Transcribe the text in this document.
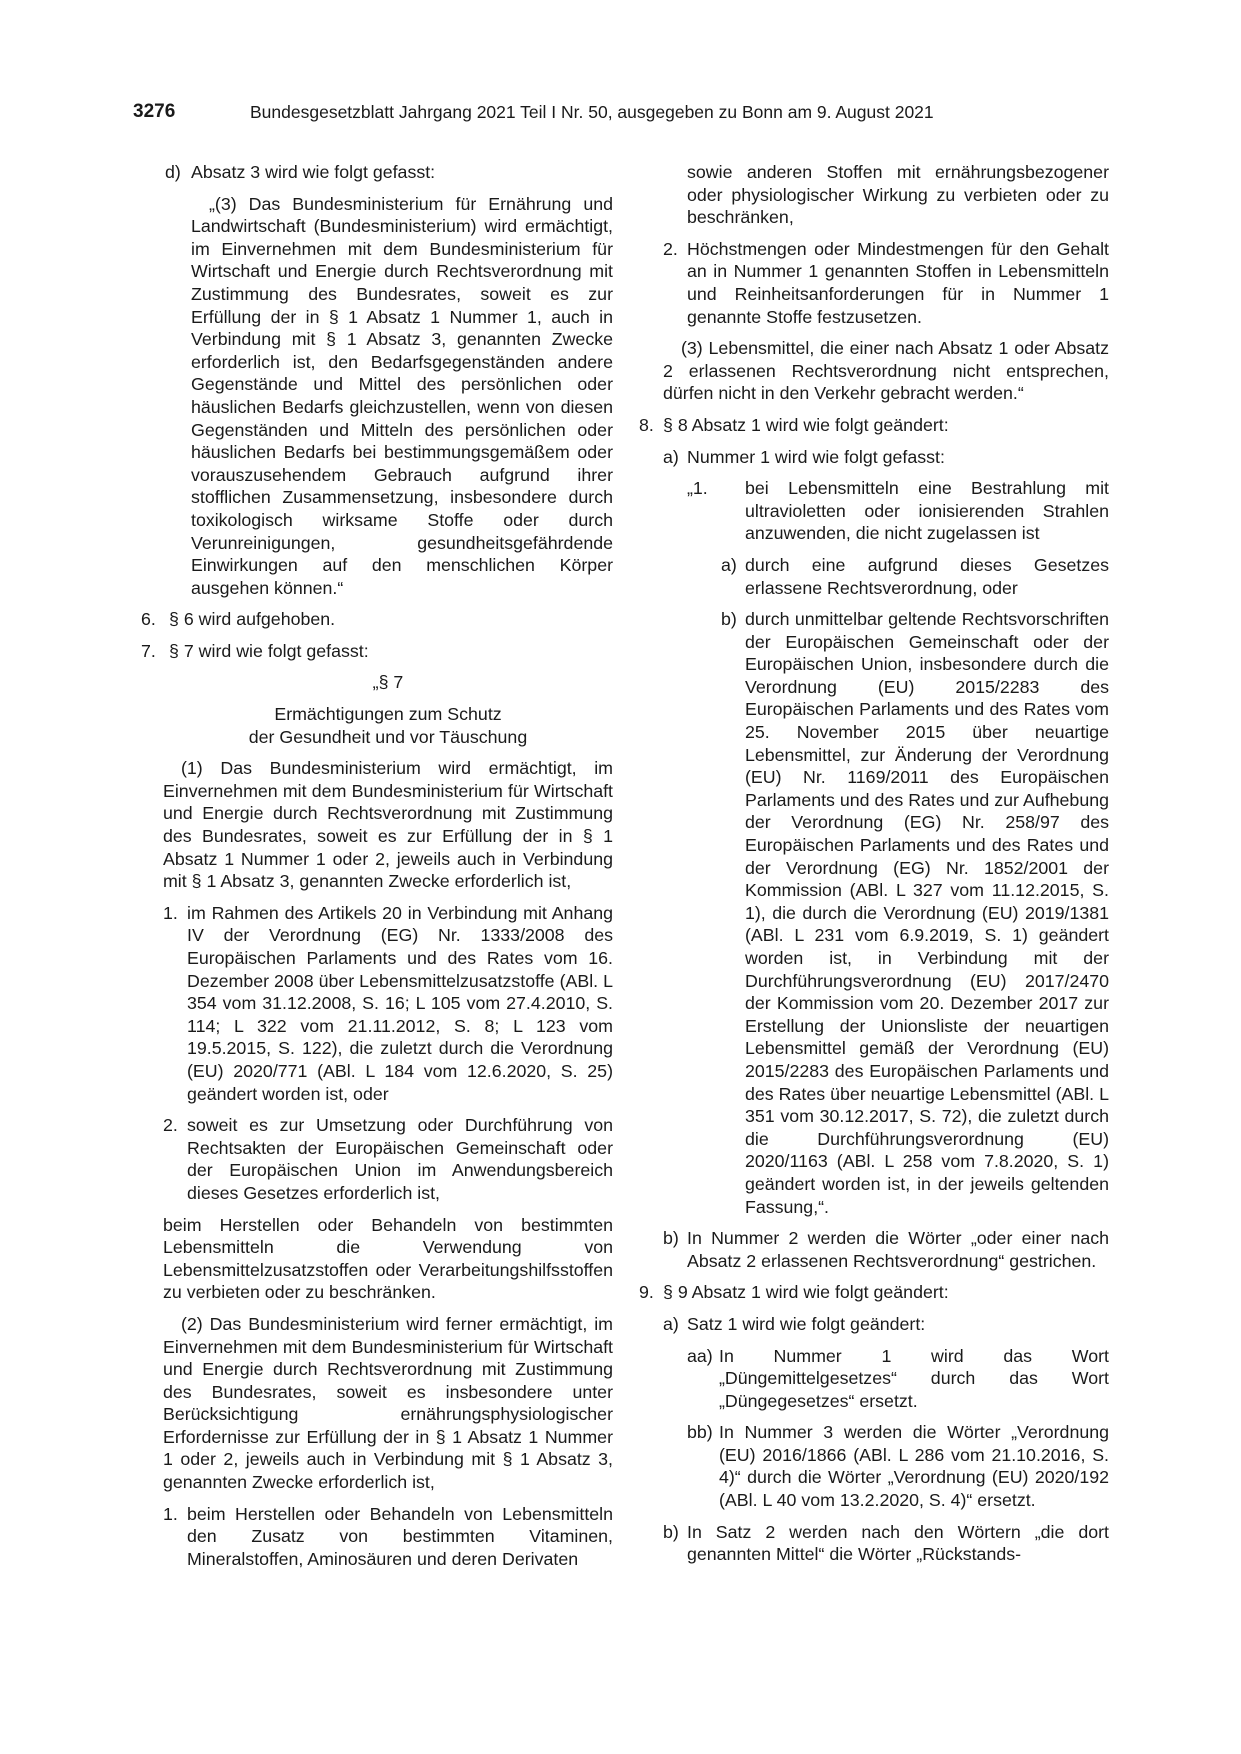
3276	Bundesgesetzblatt Jahrgang 2021 Teil I Nr. 50, ausgegeben zu Bonn am 9. August 2021
d) Absatz 3 wird wie folgt gefasst:

„(3) Das Bundesministerium für Ernährung und Landwirtschaft (Bundesministerium) wird ermächtigt, im Einvernehmen mit dem Bundesministerium für Wirtschaft und Energie durch Rechtsverordnung mit Zustimmung des Bundesrates, soweit es zur Erfüllung der in § 1 Absatz 1 Nummer 1, auch in Verbindung mit § 1 Absatz 3, genannten Zwecke erforderlich ist, den Bedarfsgegenständen andere Gegenstände und Mittel des persönlichen oder häuslichen Bedarfs gleichzustellen, wenn von diesen Gegenständen und Mitteln des persönlichen oder häuslichen Bedarfs bei bestimmungsgemäßem oder vorauszusehendem Gebrauch aufgrund ihrer stofflichen Zusammensetzung, insbesondere durch toxikologisch wirksame Stoffe oder durch Verunreinigungen, gesundheitsgefährdende Einwirkungen auf den menschlichen Körper ausgehen können.“

6. § 6 wird aufgehoben.
7. § 7 wird wie folgt gefasst:

„§ 7

Ermächtigungen zum Schutz

der Gesundheit und vor Täuschung

(1) Das Bundesministerium wird ermächtigt, im Einvernehmen mit dem Bundesministerium für Wirtschaft und Energie durch Rechtsverordnung mit Zustimmung des Bundesrates, soweit es zur Erfüllung der in § 1 Absatz 1 Nummer 1 oder 2, jeweils auch in Verbindung mit § 1 Absatz 3, genannten Zwecke erforderlich ist,

1. im Rahmen des Artikels 20 in Verbindung mit Anhang IV der Verordnung (EG) Nr. 1333/2008 des Europäischen Parlaments und des Rates vom 16. Dezember 2008 über Lebensmittelzusatzstoffe (ABl. L 354 vom 31.12.2008, S. 16; L 105 vom 27.4.2010, S. 114; L 322 vom 21.11.2012, S. 8; L 123 vom 19.5.2015, S. 122), die zuletzt durch die Verordnung (EU) 2020/771 (ABl. L 184 vom 12.6.2020, S. 25) geändert worden ist, oder
2. soweit es zur Umsetzung oder Durchführung von Rechtsakten der Europäischen Gemeinschaft oder der Europäischen Union im Anwendungsbereich dieses Gesetzes erforderlich ist,

beim Herstellen oder Behandeln von bestimmten Lebensmitteln die Verwendung von Lebensmittelzusatzstoffen oder Verarbeitungshilfsstoffen zu verbieten oder zu beschränken.

(2) Das Bundesministerium wird ferner ermächtigt, im Einvernehmen mit dem Bundesministerium für Wirtschaft und Energie durch Rechtsverordnung mit Zustimmung des Bundesrates, soweit es insbesondere unter Berücksichtigung ernährungsphysiologischer Erfordernisse zur Erfüllung der in § 1 Absatz 1 Nummer 1 oder 2, jeweils auch in Verbindung mit § 1 Absatz 3, genannten Zwecke erforderlich ist,

1. beim Herstellen oder Behandeln von Lebensmitteln den Zusatz von bestimmten Vitaminen, Mineralstoffen, Aminosäuren und deren Derivaten

sowie anderen Stoffen mit ernährungsbezogener oder physiologischer Wirkung zu verbieten oder zu beschränken,

2. Höchstmengen oder Mindestmengen für den Gehalt an in Nummer 1 genannten Stoffen in Lebensmitteln und Reinheitsanforderungen für in Nummer 1 genannte Stoffe festzusetzen.

(3) Lebensmittel, die einer nach Absatz 1 oder Absatz 2 erlassenen Rechtsverordnung nicht entsprechen, dürfen nicht in den Verkehr gebracht werden.“

8. § 8 Absatz 1 wird wie folgt geändert:
a) Nummer 1 wird wie folgt gefasst:
„1. bei Lebensmitteln eine Bestrahlung mit ultravioletten oder ionisierenden Strahlen anzuwenden, die nicht zugelassen ist
a) durch eine aufgrund dieses Gesetzes erlassene Rechtsverordnung, oder
b) durch unmittelbar geltende Rechtsvorschriften der Europäischen Gemeinschaft oder der Europäischen Union, insbesondere durch die Verordnung (EU) 2015/2283 des Europäischen Parlaments und des Rates vom 25. November 2015 über neuartige Lebensmittel, zur Änderung der Verordnung (EU) Nr. 1169/2011 des Europäischen Parlaments und des Rates und zur Aufhebung der Verordnung (EG) Nr. 258/97 des Europäischen Parlaments und des Rates und der Verordnung (EG) Nr. 1852/2001 der Kommission (ABl. L 327 vom 11.12.2015, S. 1), die durch die Verordnung (EU) 2019/1381 (ABl. L 231 vom 6.9.2019, S. 1) geändert worden ist, in Verbindung mit der Durchführungsverordnung (EU) 2017/2470 der Kommission vom 20. Dezember 2017 zur Erstellung der Unionsliste der neuartigen Lebensmittel gemäß der Verordnung (EU) 2015/2283 des Europäischen Parlaments und des Rates über neuartige Lebensmittel (ABl. L 351 vom 30.12.2017, S. 72), die zuletzt durch die Durchführungsverordnung (EU) 2020/1163 (ABl. L 258 vom 7.8.2020, S. 1) geändert worden ist, in der jeweils geltenden Fassung,“.
b) In Nummer 2 werden die Wörter „oder einer nach Absatz 2 erlassenen Rechtsverordnung“ gestrichen.
9. § 9 Absatz 1 wird wie folgt geändert:
a) Satz 1 wird wie folgt geändert:
aa) In Nummer 1 wird das Wort „Düngemittelgesetzes“ durch das Wort „Düngegesetzes“ ersetzt.
bb) In Nummer 3 werden die Wörter „Verordnung (EU) 2016/1866 (ABl. L 286 vom 21.10.2016, S. 4)“ durch die Wörter „Verordnung (EU) 2020/192 (ABl. L 40 vom 13.2.2020, S. 4)“ ersetzt.
b) In Satz 2 werden nach den Wörtern „die dort genannten Mittel“ die Wörter „Rückstands-
